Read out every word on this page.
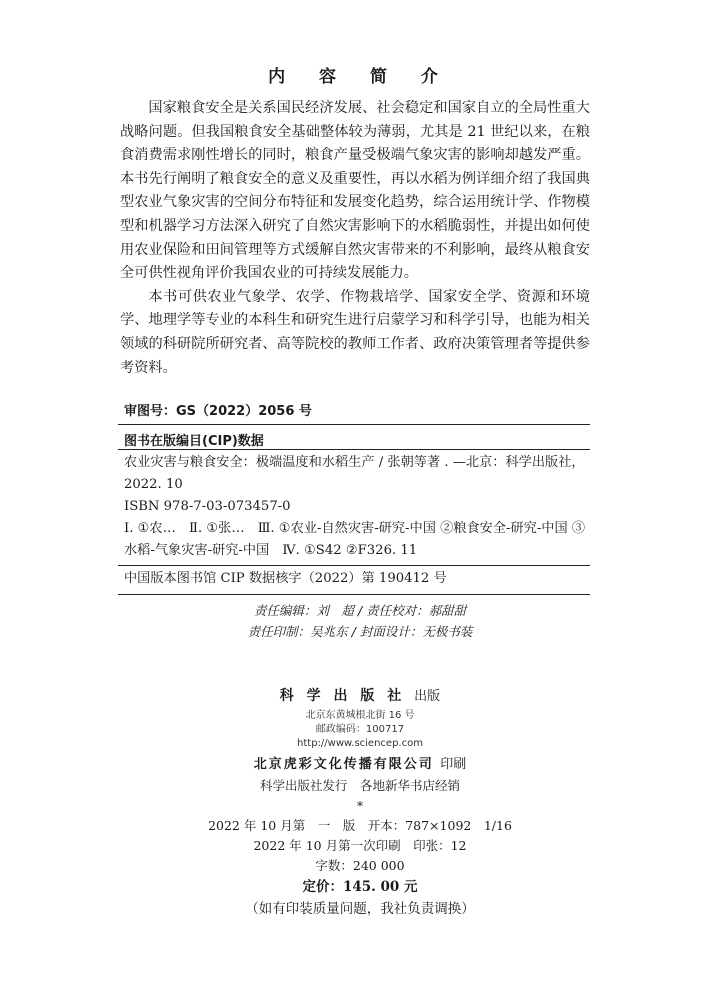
内 容 简 介

国家粮食安全是关系国民经济发展、社会稳定和国家自立的全局性重大战略问题。但我国粮食安全基础整体较为薄弱，尤其是 21 世纪以来，在粮食消费需求刚性增长的同时，粮食产量受极端气象灾害的影响却越发严重。本书先行阐明了粮食安全的意义及重要性，再以水稻为例详细介绍了我国典型农业气象灾害的空间分布特征和发展变化趋势，综合运用统计学、作物模型和机器学习方法深入研究了自然灾害影响下的水稻脆弱性，并提出如何使用农业保险和田间管理等方式缓解自然灾害带来的不利影响，最终从粮食安全可供性视角评价我国农业的可持续发展能力。

本书可供农业气象学、农学、作物栽培学、国家安全学、资源和环境学、地理学等专业的本科生和研究生进行启蒙学习和科学引导，也能为相关领域的科研院所研究者、高等院校的教师工作者、政府决策管理者等提供参考资料。

审图号：GS（2022）2056 号
图书在版编目(CIP)数据

农业灾害与粮食安全：极端温度和水稻生产 / 张朝等著 . —北京：科学出版社，2022. 10

ISBN 978-7-03-073457-0

Ⅰ. ①农…　Ⅱ. ①张…　Ⅲ. ①农业-自然灾害-研究-中国 ②粮食安全-研究-中国 ③水稻-气象灾害-研究-中国　Ⅳ. ①S42 ②F326. 11

中国版本图书馆 CIP 数据核字（2022）第 190412 号

责任编辑：刘　超 / 责任校对：郝甜甜
责任印制：吴兆东 / 封面设计：无极书装
科 学 出 版 社 出版
北京东黄城根北街 16 号
邮政编码：100717
http://www.sciencep.com
北京虎彩文化传播有限公司 印刷
科学出版社发行　各地新华书店经销
*
2022 年 10 月第　一　版　开本：787×1092　1/16
2022 年 10 月第一次印刷　印张：12
字数：240 000
定价：145. 00 元
（如有印装质量问题，我社负责调换）
